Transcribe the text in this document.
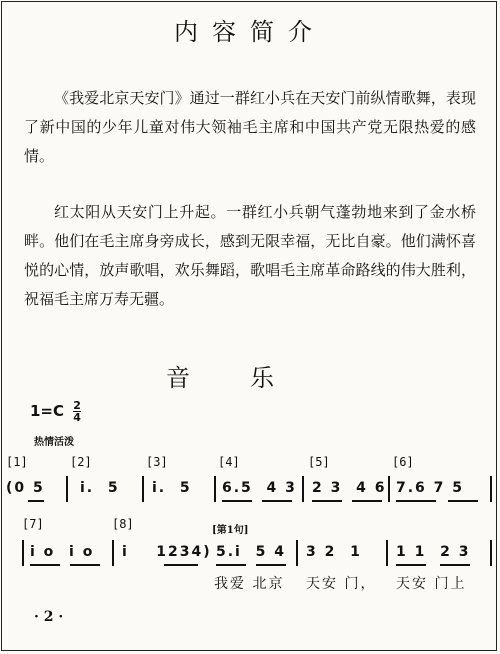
内容简介

《我爱北京天安门》通过一群红小兵在天安门前纵情歌舞，表现了新中国的少年儿童对伟大领袖毛主席和中国共产党无限热爱的感情。

红太阳从天安门上升起。一群红小兵朝气蓬勃地来到了金水桥畔。他们在毛主席身旁成长，感到无限幸福，无比自豪。他们满怀喜悦的心情，放声歌唱，欢乐舞蹈，歌唱毛主席革命路线的伟大胜利，祝福毛主席万寿无疆。

音乐
$1=C \frac{2}{4}$
热情活泼
[1]	[2]	[3]	[4]	[5]	[6]
(0 5	i.  5 i.  5 6.5  4 3 2 3  4 6 7.6 7 5
[7]	[8]	[第1句]
i o  i o i    1234) 5.i  5 4 3 2  1 1 1  2 3
我爱 北京 天安 门， 天安 门上
· 2 ·
